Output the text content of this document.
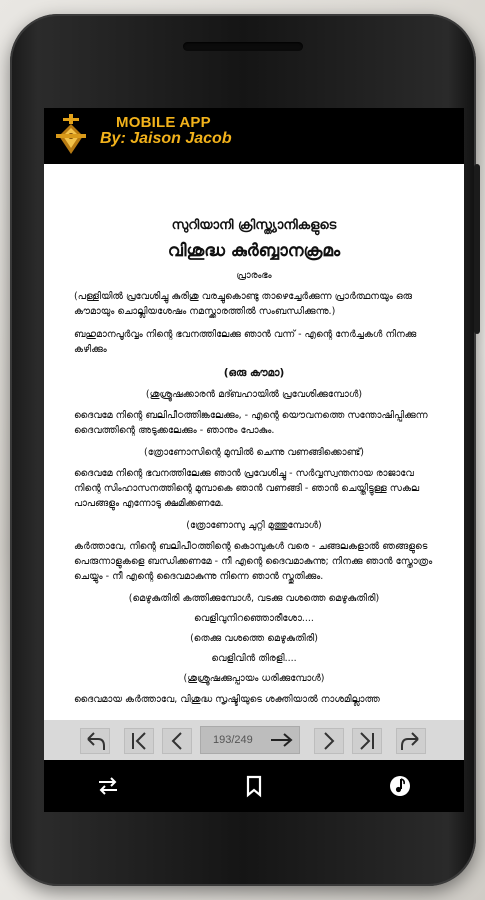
MOBILE APP
By: Jaison Jacob
സുറിയാനി ക്രിസ്ത്യാനികളുടെ
വിശുദ്ധ കുർബ്ബാനക്രമം
പ്രാരംഭം
(പള്ളിയിൽ പ്രവേശിച്ചു കുരിശു വരച്ചുകൊണ്ടു താഴെച്ചേർക്കുന്ന പ്രാർത്ഥനയും ഒരു കൗമായും ചൊല്ലിയശേഷം നമസ്ക്കാരത്തിൽ സംബന്ധിക്കുന്നു.)
ബഹുമാനപൂർവ്വം നിന്റെ ഭവനത്തിലേക്കു ഞാൻ വന്ന് - എന്റെ നേർച്ചകൾ നിനക്കു കഴിക്കും
(ഒരു കൗമാ)
(ശുശ്രൂഷക്കാരൻ മദ്ബഹായിൽ പ്രവേശിക്കുമ്പോൾ)
ദൈവമേ നിന്റെ ബലിപീഠത്തിങ്കലേക്കും, - എന്റെ യൌവനത്തെ സന്തോഷിപ്പിക്കുന്ന ദൈവത്തിന്റെ അടുക്കലേക്കും - ഞാനും പോകും.
(ത്രോണോസിന്റെ മുമ്പിൽ ചെന്നു വണങ്ങിക്കൊണ്ട്)
ദൈവമേ നിന്റെ ഭവനത്തിലേക്കു ഞാൻ പ്രവേശിച്ചു - സർവ്വസ്വന്തനായ രാജാവേ നിന്റെ സിംഹാസനത്തിന്റെ മുമ്പാകെ ഞാൻ വണങ്ങി - ഞാൻ ചെയ്തിട്ടുള്ള സകല പാപങ്ങളും എന്നോടു ക്ഷമിക്കണമേ.
(ത്രോണോസു ചുറ്റി മുത്തുമ്പോൾ)
കർത്താവേ, നിന്റെ ബലിപീഠത്തിന്റെ കൊമ്പുകൾ വരെ - ചങ്ങലകളാൽ ഞങ്ങളുടെ പെരുന്നാളുകളെ ബന്ധിക്കണമേ - നീ എന്റെ ദൈവമാകുന്നു; നിനക്കു ഞാൻ സ്തോത്രം ചെയ്യും - നീ എന്റെ ദൈവമാകുന്നു നിന്നെ ഞാൻ സ്തുതിക്കും.
(മെഴുകുതിരി കത്തിക്കുമ്പോൾ, വടക്കു വശത്തെ മെഴുകുതിരി)
വെളിവുനിറഞ്ഞൊരീശോ....
(തെക്കു വശത്തെ മെഴുകുതിരി)
വെളിവിൻ തിരളി....
(ശുശ്രൂഷക്കുപ്പായം ധരിക്കുമ്പോൾ)
ദൈവമായ കർത്താവേ, വിശുദ്ധ സൃഷ്ടിയുടെ ശക്തിയാൽ നാശമില്ലാത്ത
193/249
